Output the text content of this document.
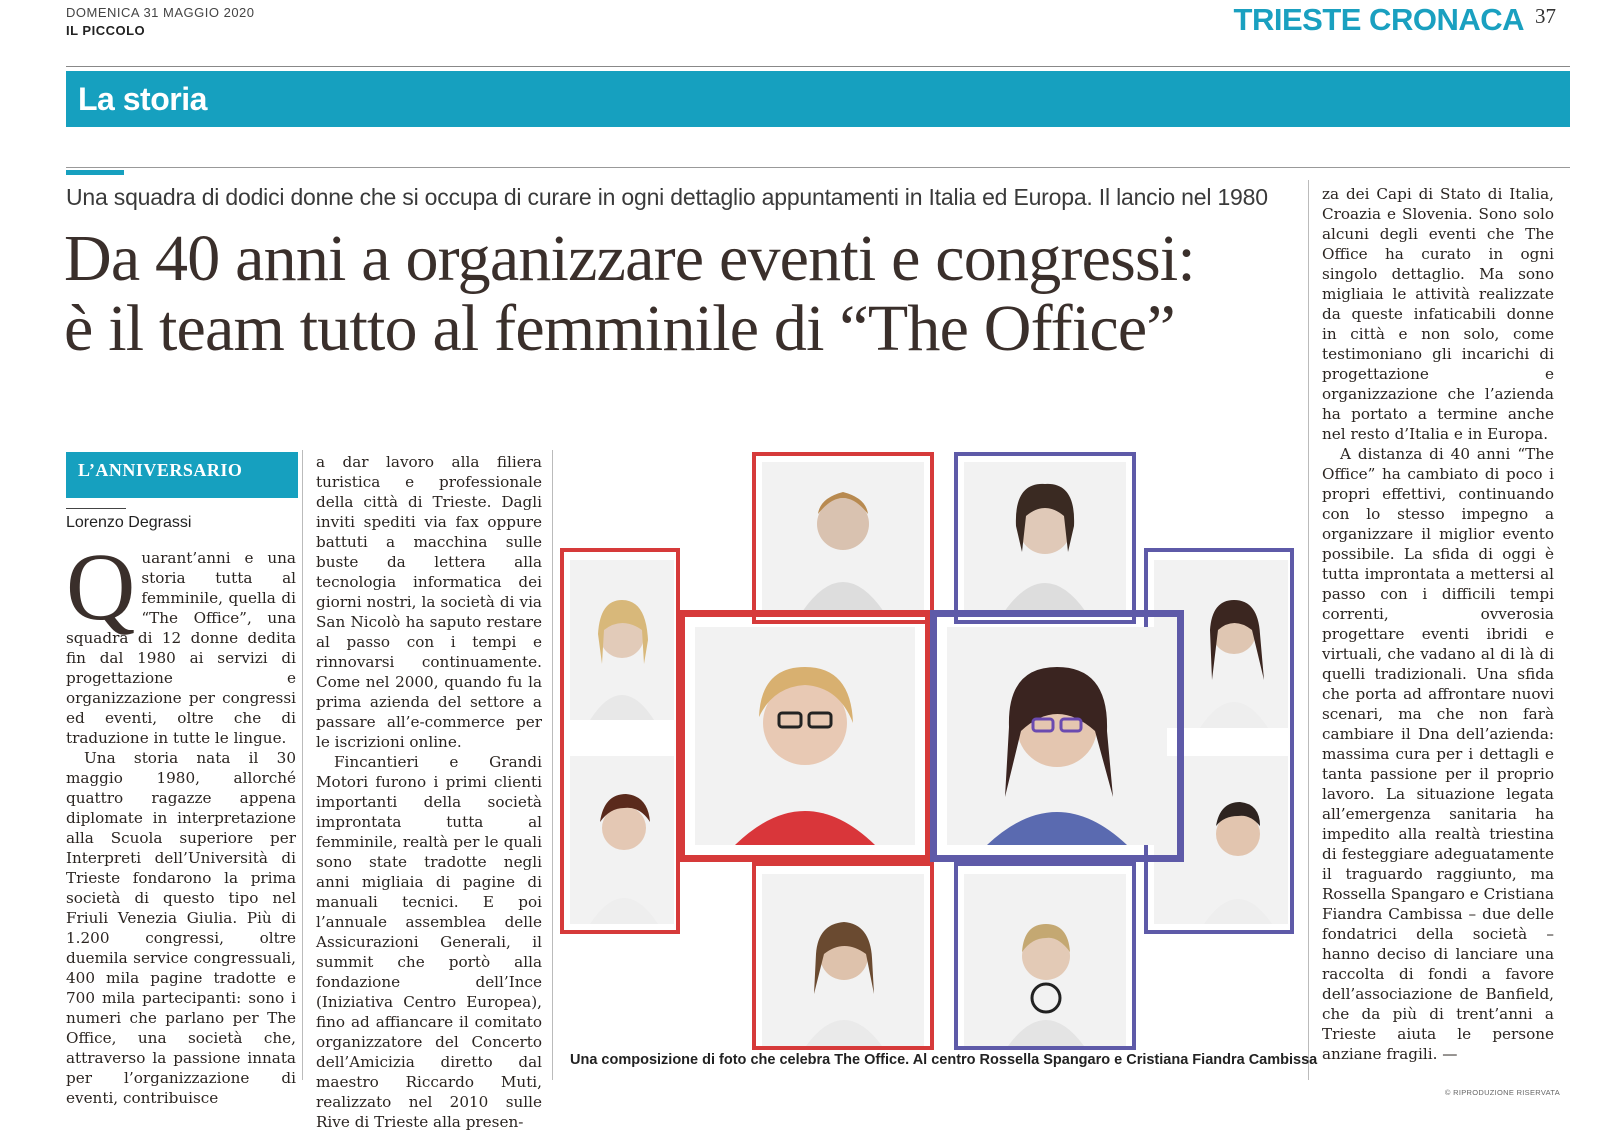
DOMENICA 31 MAGGIO 2020
IL PICCOLO	TRIESTE CRONACA 37
La storia
Una squadra di dodici donne che si occupa di curare in ogni dettaglio appuntamenti in Italia ed Europa. Il lancio nel 1980
Da 40 anni a organizzare eventi e congressi:
è il team tutto al femminile di “The Office”
L’ANNIVERSARIO
Lorenzo Degrassi

Quarant’anni e una storia tutta al femminile, quella di “The Office”, una squadra di 12 donne dedita fin dal 1980 ai servizi di progettazione e organizzazione per congressi ed eventi, oltre che di traduzione in tutte le lingue.

Una storia nata il 30 maggio 1980, allorché quattro ragazze appena diplomate in interpretazione alla Scuola superiore per Interpreti dell’Università di Trieste fondarono la prima società di questo tipo nel Friuli Venezia Giulia. Più di 1.200 congressi, oltre duemila service congressuali, 400 mila pagine tradotte e 700 mila partecipanti: sono i numeri che parlano per The Office, una società che, attraverso la passione innata per l’organizzazione di eventi, contribuisce

a dar lavoro alla filiera turistica e professionale della città di Trieste. Dagli inviti spediti via fax oppure battuti a macchina sulle buste da lettera alla tecnologia informatica dei giorni nostri, la società di via San Nicolò ha saputo restare al passo con i tempi e rinnovarsi continuamente. Come nel 2000, quando fu la prima azienda del settore a passare all’e-commerce per le iscrizioni online.

Fincantieri e Grandi Motori furono i primi clienti importanti della società improntata tutta al femminile, realtà per le quali sono state tradotte negli anni migliaia di pagine di manuali tecnici. E poi l’annuale assemblea delle Assicurazioni Generali, il summit che portò alla fondazione dell’Ince (Iniziativa Centro Europea), fino ad affiancare il comitato organizzatore del Concerto dell’Amicizia diretto dal maestro Riccardo Muti, realizzato nel 2010 sulle Rive di Trieste alla presen-

za dei Capi di Stato di Italia, Croazia e Slovenia. Sono solo alcuni degli eventi che The Office ha curato in ogni singolo dettaglio. Ma sono migliaia le attività realizzate da queste infaticabili donne in città e non solo, come testimoniano gli incarichi di progettazione e organizzazione che l’azienda ha portato a termine anche nel resto d’Italia e in Europa.

A distanza di 40 anni “The Office” ha cambiato di poco i propri effettivi, continuando con lo stesso impegno a organizzare il miglior evento possibile. La sfida di oggi è tutta improntata a mettersi al passo con i difficili tempi correnti, ovverosia progettare eventi ibridi e virtuali, che vadano al di là di quelli tradizionali. Una sfida che porta ad affrontare nuovi scenari, ma che non farà cambiare il Dna dell’azienda: massima cura per i dettagli e tanta passione per il proprio lavoro. La situazione legata all’emergenza sanitaria ha impedito alla realtà triestina di festeggiare adeguatamente il traguardo raggiunto, ma Rossella Spangaro e Cristiana Fiandra Cambissa – due delle fondatrici della società – hanno deciso di lanciare una raccolta di fondi a favore dell’associazione de Banfield, che da più di trent’anni a Trieste aiuta le persone anziane fragili. —

Una composizione di foto che celebra The Office. Al centro Rossella Spangaro e Cristiana Fiandra Cambissa
© RIPRODUZIONE RISERVATA
